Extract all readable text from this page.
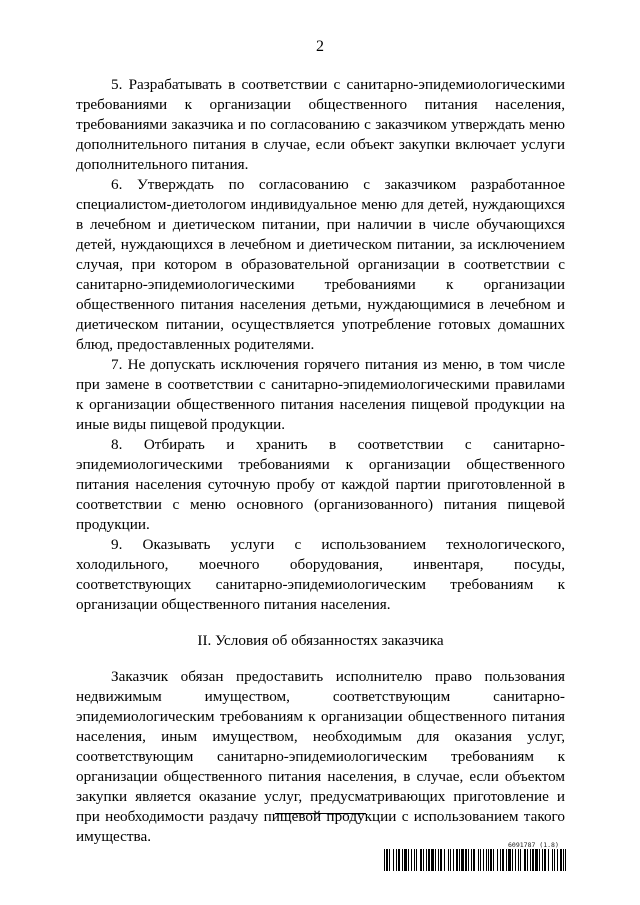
2

5. Разрабатывать в соответствии с санитарно-эпидемиологическими требованиями к организации общественного питания населения, требованиями заказчика и по согласованию с заказчиком утверждать меню дополнительного питания в случае, если объект закупки включает услуги дополнительного питания.

6. Утверждать по согласованию с заказчиком разработанное специалистом-диетологом индивидуальное меню для детей, нуждающихся в лечебном и диетическом питании, при наличии в числе обучающихся детей, нуждающихся в лечебном и диетическом питании, за исключением случая, при котором в образовательной организации в соответствии с санитарно-эпидемиологическими требованиями к организации общественного питания населения детьми, нуждающимися в лечебном и диетическом питании, осуществляется употребление готовых домашних блюд, предоставленных родителями.

7. Не допускать исключения горячего питания из меню, в том числе при замене в соответствии с санитарно-эпидемиологическими правилами к организации общественного питания населения пищевой продукции на иные виды пищевой продукции.

8. Отбирать и хранить в соответствии с санитарно-эпидемиологическими требованиями к организации общественного питания населения суточную пробу от каждой партии приготовленной в соответствии с меню основного (организованного) питания пищевой продукции.

9. Оказывать услуги с использованием технологического, холодильного, моечного оборудования, инвентаря, посуды, соответствующих санитарно-эпидемиологическим требованиям к организации общественного питания населения.

II. Условия об обязанностях заказчика

Заказчик обязан предоставить исполнителю право пользования недвижимым имуществом, соответствующим санитарно-эпидемиологическим требованиям к организации общественного питания населения, иным имуществом, необходимым для оказания услуг, соответствующим санитарно-эпидемиологическим требованиям к организации общественного питания населения, в случае, если объектом закупки является оказание услуг, предусматривающих приготовление и при необходимости раздачу пищевой продукции с использованием такого имущества.	6091787 (1.8)
